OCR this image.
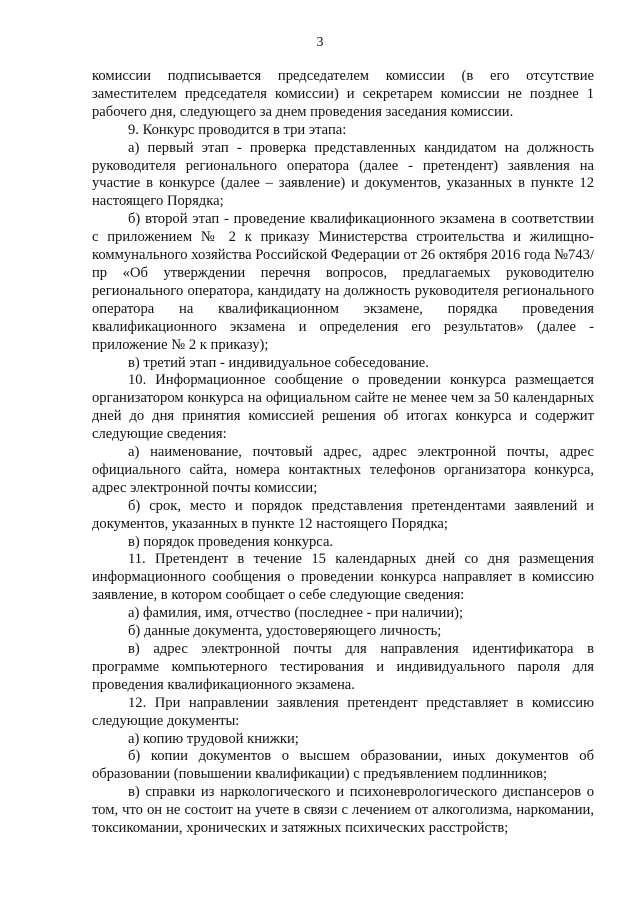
3

комиссии подписывается председателем комиссии (в его отсутствие заместителем председателя комиссии) и секретарем комиссии не позднее 1 рабочего дня, следующего за днем проведения заседания комиссии.

9. Конкурс проводится в три этапа:

а) первый этап - проверка представленных кандидатом на должность руководителя регионального оператора (далее - претендент) заявления на участие в конкурсе (далее – заявление) и документов, указанных в пункте 12 настоящего Порядка;

б) второй этап - проведение квалификационного экзамена в соответствии с приложением № 2 к приказу Министерства строительства и жилищно-коммунального хозяйства Российской Федерации от 26 октября 2016 года №743/пр «Об утверждении перечня вопросов, предлагаемых руководителю регионального оператора, кандидату на должность руководителя регионального оператора на квалификационном экзамене, порядка проведения квалификационного экзамена и определения его результатов» (далее - приложение № 2 к приказу);

в) третий этап - индивидуальное собеседование.

10. Информационное сообщение о проведении конкурса размещается организатором конкурса на официальном сайте не менее чем за 50 календарных дней до дня принятия комиссией решения об итогах конкурса и содержит следующие сведения:

а) наименование, почтовый адрес, адрес электронной почты, адрес официального сайта, номера контактных телефонов организатора конкурса, адрес электронной почты комиссии;

б) срок, место и порядок представления претендентами заявлений и документов, указанных в пункте 12 настоящего Порядка;

в) порядок проведения конкурса.

11. Претендент в течение 15 календарных дней со дня размещения информационного сообщения о проведении конкурса направляет в комиссию заявление, в котором сообщает о себе следующие сведения:

а) фамилия, имя, отчество (последнее - при наличии);

б) данные документа, удостоверяющего личность;

в) адрес электронной почты для направления идентификатора в программе компьютерного тестирования и индивидуального пароля для проведения квалификационного экзамена.

12. При направлении заявления претендент представляет в комиссию следующие документы:

а) копию трудовой книжки;

б) копии документов о высшем образовании, иных документов об образовании (повышении квалификации) с предъявлением подлинников;

в) справки из наркологического и психоневрологического диспансеров о том, что он не состоит на учете в связи с лечением от алкоголизма, наркомании, токсикомании, хронических и затяжных психических расстройств;
